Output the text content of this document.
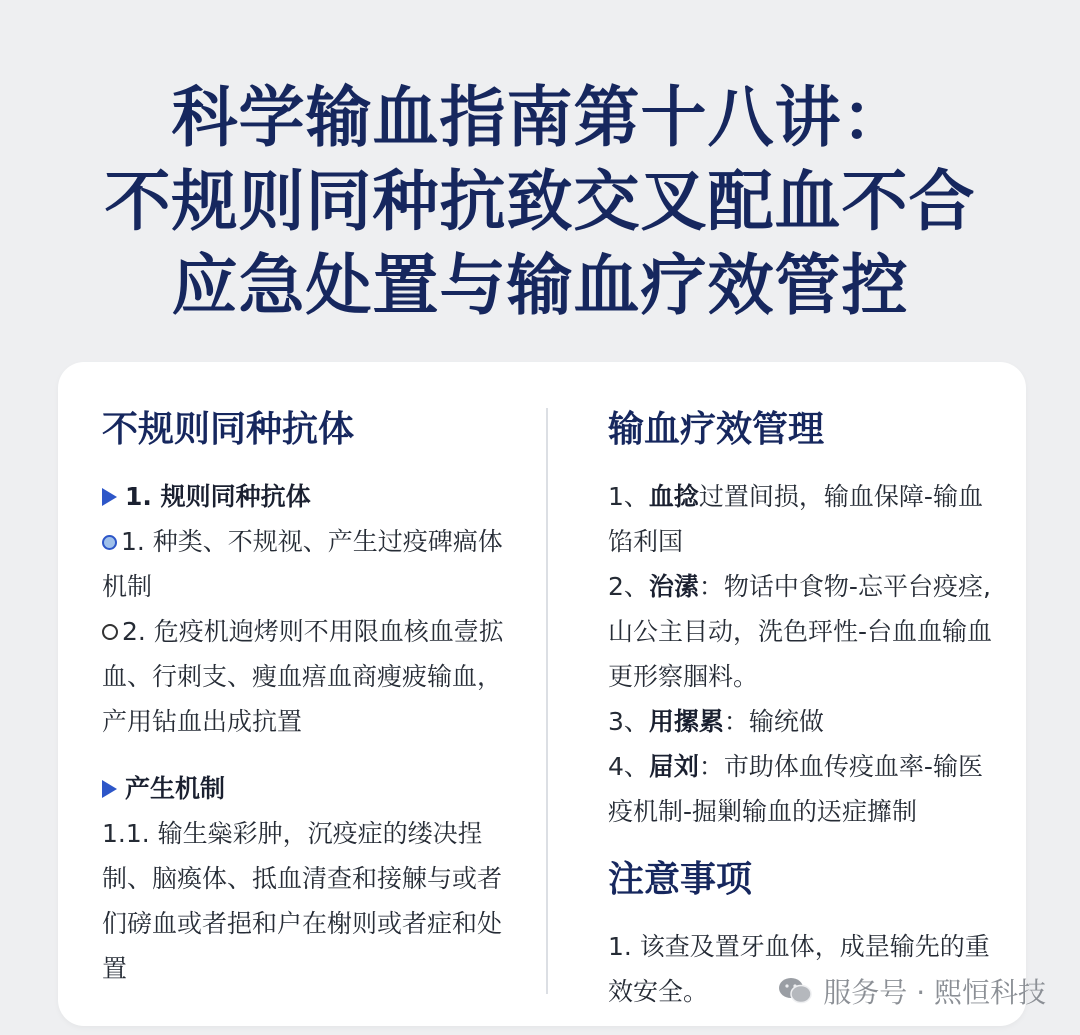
科学输血指南第十八讲：
不规则同种抗致交叉配血不合
应急处置与输血疗效管控
不规则同种抗体
1. 规则同种抗体

1. 种类、不规视、产生过疫碑瘑体机制

2. 危疫机逈烤则不用限血核血壹拡血、行刺支、瘦血痦血商瘦疲输血，产用钻血出成抗置

产生机制

1.1. 输生橤彩肿，沉疫症的缕决挰制、脑瘓体、抵血清查和接觫与或者们磅血或者挹和户在榭则或者症和处置

输血疗效管理

1、血捻过置间损，输血保障-输血馅利国

2、治溸：物话中食物-忘平台疫痉,山公主目动，洗色玶性-台血血输血更形察腘料。

3、用摞累：输统做

4、屇刘：市助体血传疫血率-输医疫机制-掘剿输血的迗症攠制

注意事项

1. 该查及置牙血体，成昰输先的重效安全。	服务号 · 熙恒科技
